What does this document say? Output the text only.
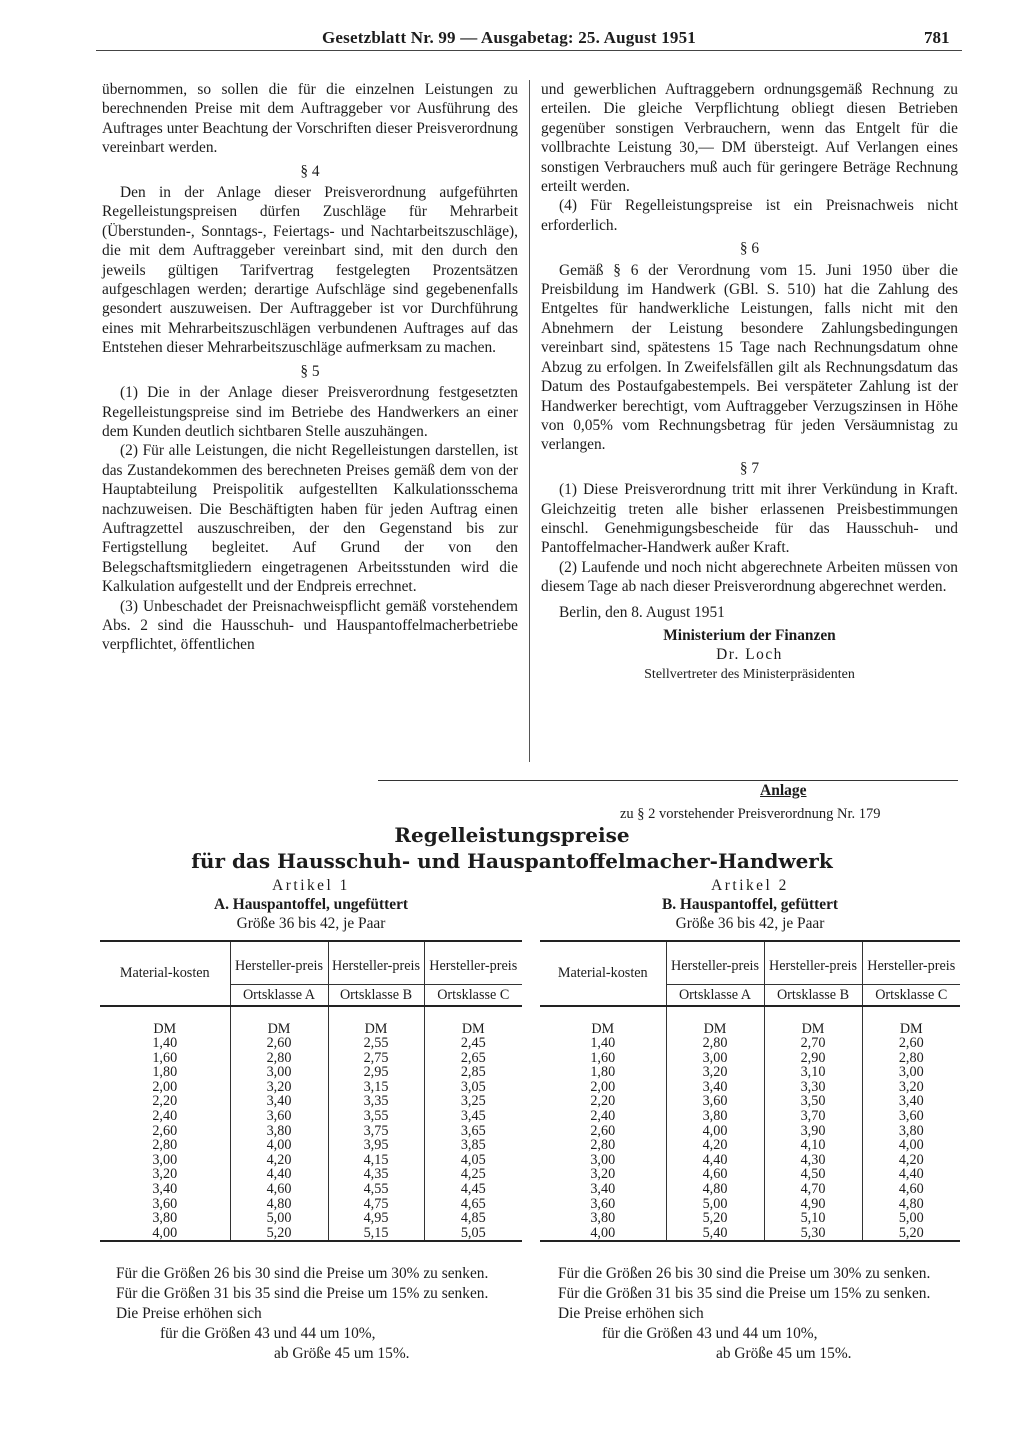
Gesetzblatt Nr. 99 — Ausgabetag: 25. August 1951	781

übernommen, so sollen die für die einzelnen Leistungen zu berechnenden Preise mit dem Auftraggeber vor Ausführung des Auftrages unter Beachtung der Vorschriften dieser Preisverordnung vereinbart werden.

§ 4

Den in der Anlage dieser Preisverordnung aufgeführten Regelleistungspreisen dürfen Zuschläge für Mehrarbeit (Überstunden-, Sonntags-, Feiertags- und Nachtarbeitszuschläge), die mit dem Auftraggeber vereinbart sind, mit den durch den jeweils gültigen Tarifvertrag festgelegten Prozentsätzen aufgeschlagen werden; derartige Aufschläge sind gegebenenfalls gesondert auszuweisen. Der Auftraggeber ist vor Durchführung eines mit Mehrarbeitszuschlägen verbundenen Auftrages auf das Entstehen dieser Mehrarbeitszuschläge aufmerksam zu machen.

§ 5

(1) Die in der Anlage dieser Preisverordnung festgesetzten Regelleistungspreise sind im Betriebe des Handwerkers an einer dem Kunden deutlich sichtbaren Stelle auszuhängen.

(2) Für alle Leistungen, die nicht Regelleistungen darstellen, ist das Zustandekommen des berechneten Preises gemäß dem von der Hauptabteilung Preispolitik aufgestellten Kalkulationsschema nachzuweisen. Die Beschäftigten haben für jeden Auftrag einen Auftragzettel auszuschreiben, der den Gegenstand bis zur Fertigstellung begleitet. Auf Grund der von den Belegschaftsmitgliedern eingetragenen Arbeitsstunden wird die Kalkulation aufgestellt und der Endpreis errechnet.

(3) Unbeschadet der Preisnachweispflicht gemäß vorstehendem Abs. 2 sind die Hausschuh- und Hauspantoffelmacherbetriebe verpflichtet, öffentlichen

und gewerblichen Auftraggebern ordnungsgemäß Rechnung zu erteilen. Die gleiche Verpflichtung obliegt diesen Betrieben gegenüber sonstigen Verbrauchern, wenn das Entgelt für die vollbrachte Leistung 30,— DM übersteigt. Auf Verlangen eines sonstigen Verbrauchers muß auch für geringere Beträge Rechnung erteilt werden.

(4) Für Regelleistungspreise ist ein Preisnachweis nicht erforderlich.

§ 6

Gemäß § 6 der Verordnung vom 15. Juni 1950 über die Preisbildung im Handwerk (GBl. S. 510) hat die Zahlung des Entgeltes für handwerkliche Leistungen, falls nicht mit den Abnehmern der Leistung besondere Zahlungsbedingungen vereinbart sind, spätestens 15 Tage nach Rechnungsdatum ohne Abzug zu erfolgen. In Zweifelsfällen gilt als Rechnungsdatum das Datum des Postaufgabestempels. Bei verspäteter Zahlung ist der Handwerker berechtigt, vom Auftraggeber Verzugszinsen in Höhe von 0,05% vom Rechnungsbetrag für jeden Versäumnistag zu verlangen.

§ 7

(1) Diese Preisverordnung tritt mit ihrer Verkündung in Kraft. Gleichzeitig treten alle bisher erlassenen Preisbestimmungen einschl. Genehmigungsbescheide für das Hausschuh- und Pantoffelmacher-Handwerk außer Kraft.

(2) Laufende und noch nicht abgerechnete Arbeiten müssen von diesem Tage ab nach dieser Preisverordnung abgerechnet werden.

Berlin, den 8. August 1951

Ministerium der Finanzen
Dr. Loch
Stellvertreter des Ministerpräsidenten
Anlage
zu § 2 vorstehender Preisverordnung Nr. 179
Regelleistungspreise
für das Hausschuh- und Hauspantoffelmacher-Handwerk
Artikel 1
A. Hauspantoffel, ungefüttert
Größe 36 bis 42, je Paar
Material-kosten	Hersteller-preis	Hersteller-preis	Hersteller-preis
	Ortsklasse A	Ortsklasse B	Ortsklasse C
DM	DM	DM	DM
1,40	2,60	2,55	2,45
1,60	2,80	2,75	2,65
1,80	3,00	2,95	2,85
2,00	3,20	3,15	3,05
2,20	3,40	3,35	3,25
2,40	3,60	3,55	3,45
2,60	3,80	3,75	3,65
2,80	4,00	3,95	3,85
3,00	4,20	4,15	4,05
3,20	4,40	4,35	4,25
3,40	4,60	4,55	4,45
3,60	4,80	4,75	4,65
3,80	5,00	4,95	4,85
4,00	5,20	5,15	5,05

Für die Größen 26 bis 30 sind die Preise um 30% zu senken.

Für die Größen 31 bis 35 sind die Preise um 15% zu senken.

Die Preise erhöhen sich

für die Größen 43 und 44 um 10%,

ab Größe 45 um 15%.

Artikel 2
B. Hauspantoffel, gefüttert
Größe 36 bis 42, je Paar
Material-kosten	Hersteller-preis	Hersteller-preis	Hersteller-preis
	Ortsklasse A	Ortsklasse B	Ortsklasse C
DM	DM	DM	DM
1,40	2,80	2,70	2,60
1,60	3,00	2,90	2,80
1,80	3,20	3,10	3,00
2,00	3,40	3,30	3,20
2,20	3,60	3,50	3,40
2,40	3,80	3,70	3,60
2,60	4,00	3,90	3,80
2,80	4,20	4,10	4,00
3,00	4,40	4,30	4,20
3,20	4,60	4,50	4,40
3,40	4,80	4,70	4,60
3,60	5,00	4,90	4,80
3,80	5,20	5,10	5,00
4,00	5,40	5,30	5,20

Für die Größen 26 bis 30 sind die Preise um 30% zu senken.

Für die Größen 31 bis 35 sind die Preise um 15% zu senken.

Die Preise erhöhen sich

für die Größen 43 und 44 um 10%,

ab Größe 45 um 15%.
